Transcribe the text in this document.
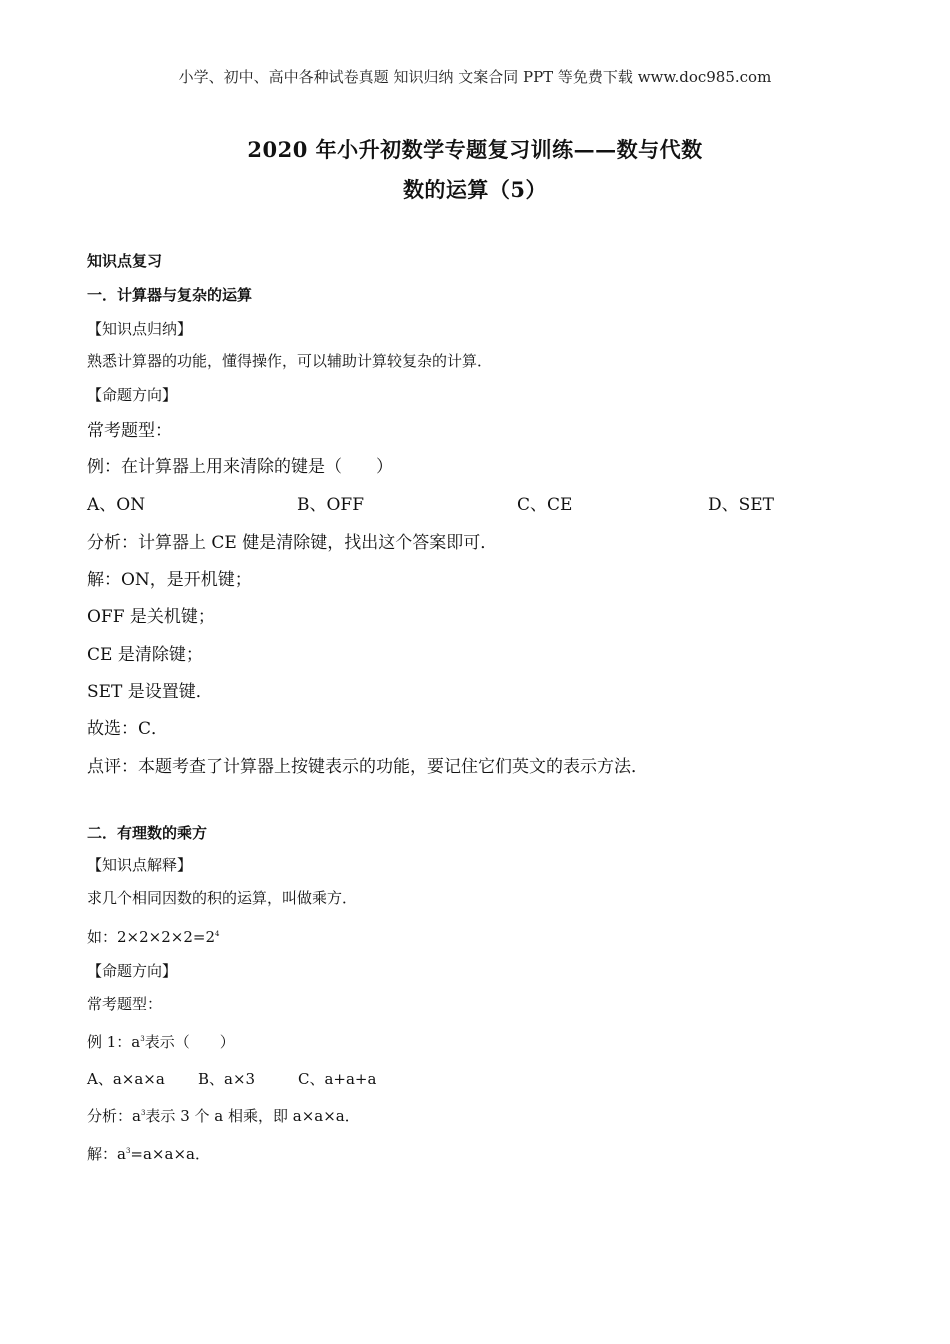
小学、初中、高中各种试卷真题 知识归纳 文案合同 PPT 等免费下载 www.doc985.com
2020 年小升初数学专题复习训练——数与代数
数的运算（5）
知识点复习
一．计算器与复杂的运算
【知识点归纳】
熟悉计算器的功能，懂得操作，可以辅助计算较复杂的计算．
【命题方向】
常考题型：
例：在计算器上用来清除的键是（　　）
A、ON	B、OFF	C、CE	D、SET
分析：计算器上 CE 健是清除键，找出这个答案即可．
解：ON，是开机键；
OFF 是关机键；
CE 是清除键；
SET 是设置键．
故选：C．
点评：本题考查了计算器上按键表示的功能，要记住它们英文的表示方法．
二．有理数的乘方
【知识点解释】
求几个相同因数的积的运算，叫做乘方．
如：$2\times 2\times 2\times 2=2^4$
【命题方向】
常考题型：
例 1：$a^3$表示（　　）
A、a×a×a B、a×3	C、a+a+a
分析：$a^3$表示 3 个 a 相乘，即 a×a×a．
解：$a^3=a\times a\times a$．
